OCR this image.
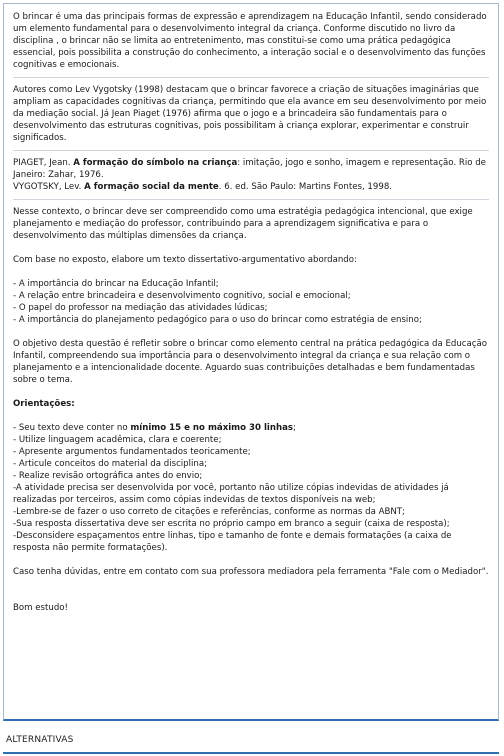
O brincar é uma das principais formas de expressão e aprendizagem na Educação Infantil, sendo considerado um elemento fundamental para o desenvolvimento integral da criança. Conforme discutido no livro da disciplina , o brincar não se limita ao entretenimento, mas constitui-se como uma prática pedagógica essencial, pois possibilita a construção do conhecimento, a interação social e o desenvolvimento das funções cognitivas e emocionais.

Autores como Lev Vygotsky (1998) destacam que o brincar favorece a criação de situações imaginárias que ampliam as capacidades cognitivas da criança, permitindo que ela avance em seu desenvolvimento por meio da mediação social. Já Jean Piaget (1976) afirma que o jogo e a brincadeira são fundamentais para o desenvolvimento das estruturas cognitivas, pois possibilitam à criança explorar, experimentar e construir significados.

PIAGET, Jean. A formação do símbolo na criança: imitação, jogo e sonho, imagem e representação. Rio de Janeiro: Zahar, 1976.

VYGOTSKY, Lev. A formação social da mente. 6. ed. São Paulo: Martins Fontes, 1998.

Nesse contexto, o brincar deve ser compreendido como uma estratégia pedagógica intencional, que exige planejamento e mediação do professor, contribuindo para a aprendizagem significativa e para o desenvolvimento das múltiplas dimensões da criança.

Com base no exposto, elabore um texto dissertativo-argumentativo abordando:

- A importância do brincar na Educação Infantil;
- A relação entre brincadeira e desenvolvimento cognitivo, social e emocional;
- O papel do professor na mediação das atividades lúdicas;
- A importância do planejamento pedagógico para o uso do brincar como estratégia de ensino;

O objetivo desta questão é refletir sobre o brincar como elemento central na prática pedagógica da Educação Infantil, compreendendo sua importância para o desenvolvimento integral da criança e sua relação com o planejamento e a intencionalidade docente. Aguardo suas contribuições detalhadas e bem fundamentadas sobre o tema.

Orientações:

- Seu texto deve conter no mínimo 15 e no máximo 30 linhas;
- Utilize linguagem acadêmica, clara e coerente;
- Apresente argumentos fundamentados teoricamente;
- Articule conceitos do material da disciplina;
- Realize revisão ortográfica antes do envio;
-A atividade precisa ser desenvolvida por você, portanto não utilize cópias indevidas de atividades já realizadas por terceiros, assim como cópias indevidas de textos disponíveis na web;
-Lembre-se de fazer o uso correto de citações e referências, conforme as normas da ABNT;
-Sua resposta dissertativa deve ser escrita no próprio campo em branco a seguir (caixa de resposta);
-Desconsidere espaçamentos entre linhas, tipo e tamanho de fonte e demais formatações (a caixa de resposta não permite formatações).

Caso tenha dúvidas, entre em contato com sua professora mediadora pela ferramenta "Fale com o Mediador".

Bom estudo!

ALTERNATIVAS
